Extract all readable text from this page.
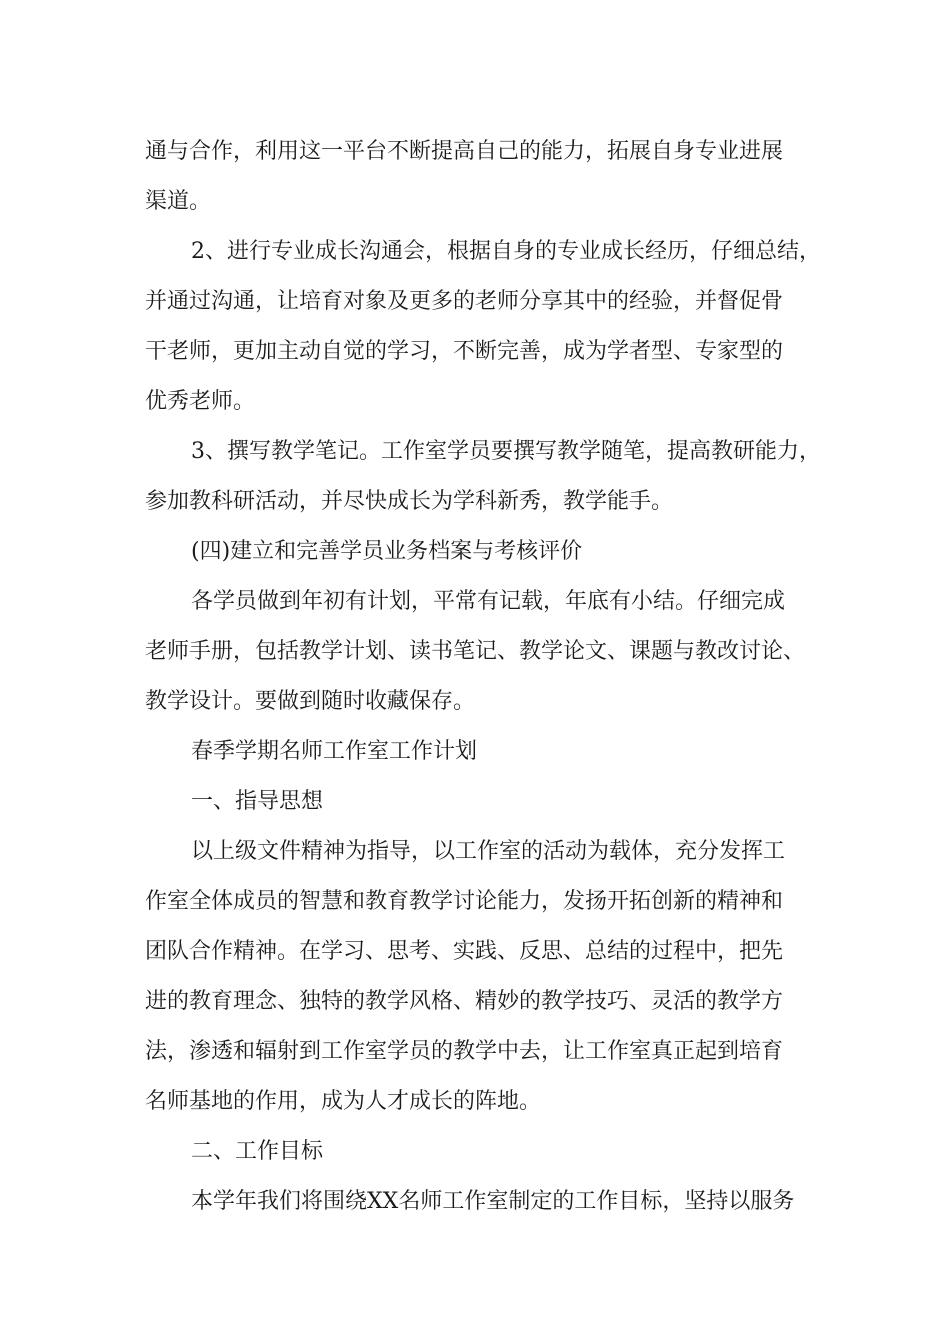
通与合作，利用这一平台不断提高自己的能力，拓展自身专业进展
渠道。
2、进行专业成长沟通会，根据自身的专业成长经历，仔细总结，
并通过沟通，让培育对象及更多的老师分享其中的经验，并督促骨
干老师，更加主动自觉的学习，不断完善，成为学者型、专家型的
优秀老师。
3、撰写教学笔记。工作室学员要撰写教学随笔，提高教研能力，
参加教科研活动，并尽快成长为学科新秀，教学能手。
(四)建立和完善学员业务档案与考核评价
各学员做到年初有计划，平常有记载，年底有小结。仔细完成
老师手册，包括教学计划、读书笔记、教学论文、课题与教改讨论、
教学设计。要做到随时收藏保存。
春季学期名师工作室工作计划
一、指导思想
以上级文件精神为指导，以工作室的活动为载体，充分发挥工
作室全体成员的智慧和教育教学讨论能力，发扬开拓创新的精神和
团队合作精神。在学习、思考、实践、反思、总结的过程中，把先
进的教育理念、独特的教学风格、精妙的教学技巧、灵活的教学方
法，渗透和辐射到工作室学员的教学中去，让工作室真正起到培育
名师基地的作用，成为人才成长的阵地。
二、工作目标
本学年我们将围绕XX名师工作室制定的工作目标，坚持以服务
